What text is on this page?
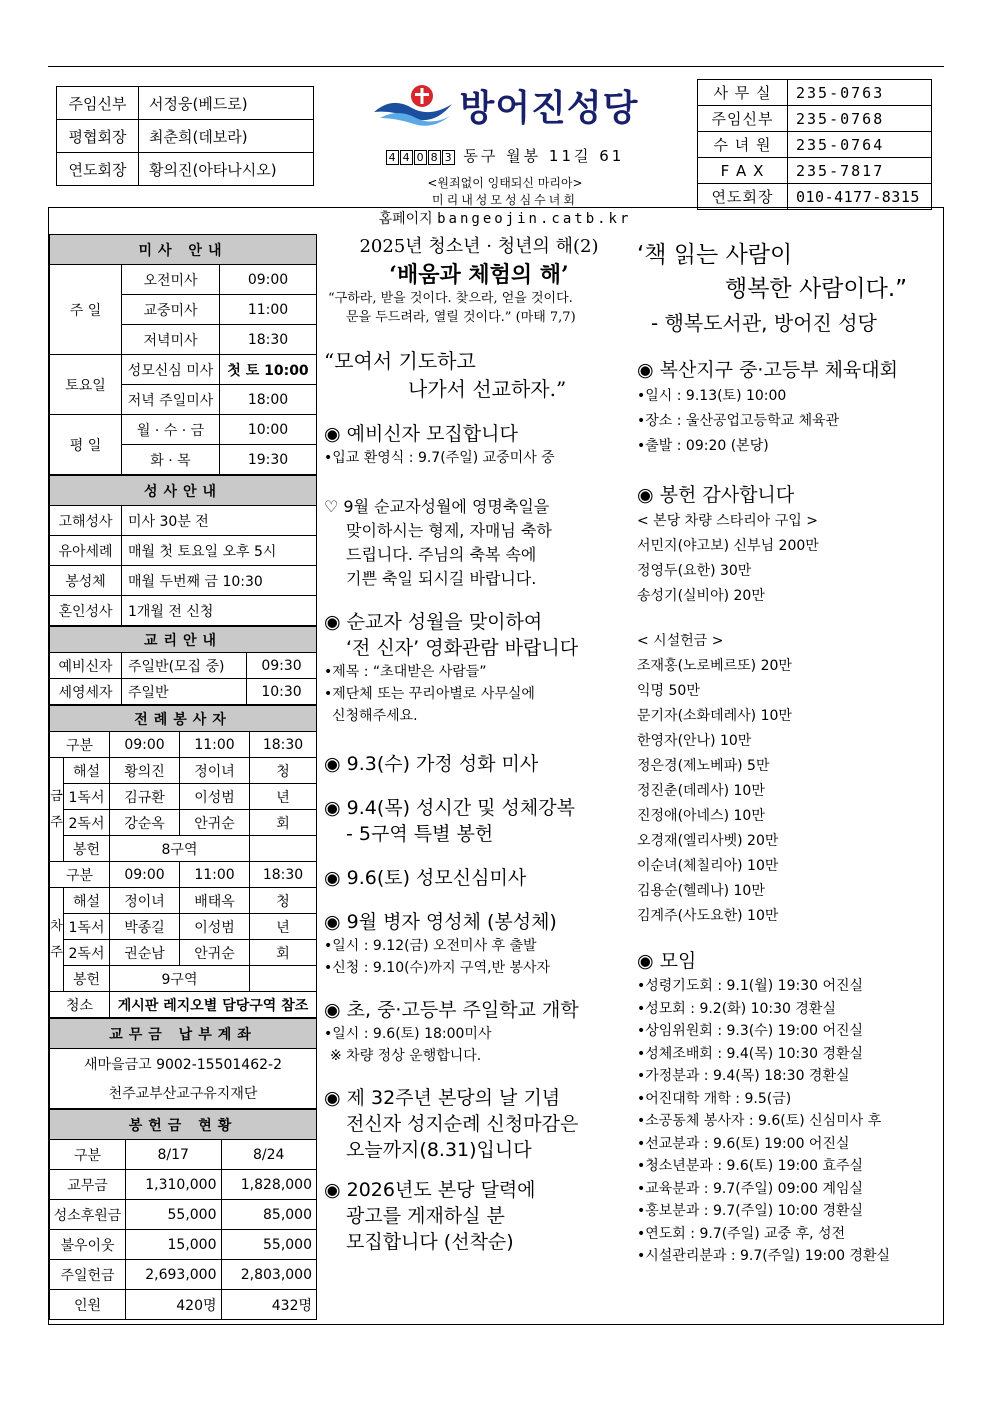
주임신부	서정웅(베드로)
평협회장	최춘희(데보라)
연도회장	황의진(아타나시오)
방어진성당
4 4 0 8 3 동구 월봉 11길 61
<원죄없이 잉태되신 마리아>
미리내성모성심수녀회
홈페이지 bangeojin.catb.kr
사 무 실	235-0763
주임신부	235-0768
수 녀 원	235-0764
F A X	235-7817
연도회장	010-4177-8315
미사 안내		
주 일	오전미사	09:00
	교중미사	11:00
	저녁미사	18:30
토요일	성모신심 미사	첫 토 10:00
	저녁 주일미사	18:00
평 일	월 · 수 · 금	10:00
	화 · 목	19:30
성사안내	
고해성사	미사 30분 전
유아세례	매월 첫 토요일 오후 5시
봉성체	매월 두번째 금 10:30
혼인성사	1개월 전 신청
교리안내		
예비신자	주일반(모집 중)	09:30
세영세자	주일반	10:30
전례봉사자				
구분		09:00	11:00	18:30
금
주	해설	황의진	정이녀	청
	1독서	김규환	이성범	년
	2독서	강순옥	안귀순	회
	봉헌	8구역		
구분		09:00	11:00	18:30
차
주	해설	정이녀	배태옥	청
	1독서	박종길	이성범	년
	2독서	권순남	안귀순	회
	봉헌	9구역		
청소		게시판 레지오별 담당구역 참조		
교무금 납부계좌
새마을금고 9002-15501462-2
천주교부산교구유지재단
봉헌금 현황		
구분	8/17	8/24
교무금	1,310,000	1,828,000
성소후원금	55,000	85,000
불우이웃	15,000	55,000
주일헌금	2,693,000	2,803,000
인원	420명	432명
2025년 청소년 · 청년의 해(2)
‘배움과 체험의 해’
“구하라, 받을 것이다. 찾으라, 얻을 것이다.
문을 두드려라, 열릴 것이다.” (마태 7,7)
“모여서 기도하고
나가서 선교하자.”
◉ 예비신자 모집합니다
•입교 환영식 : 9.7(주일) 교중미사 중
♡ 9월 순교자성월에 영명축일을
맞이하시는 형제, 자매님 축하
드립니다. 주님의 축복 속에
기쁜 축일 되시길 바랍니다.
◉ 순교자 성월을 맞이하여
‘전 신자’ 영화관람 바랍니다
•제목 : “초대받은 사람들”
•제단체 또는 꾸리아별로 사무실에
신청해주세요.
◉ 9.3(수) 가정 성화 미사
◉ 9.4(목) 성시간 및 성체강복
- 5구역 특별 봉헌
◉ 9.6(토) 성모신심미사
◉ 9월 병자 영성체 (봉성체)
•일시 : 9.12(금) 오전미사 후 출발
•신청 : 9.10(수)까지 구역,반 봉사자
◉ 초, 중·고등부 주일학교 개학
•일시 : 9.6(토) 18:00미사
※ 차량 정상 운행합니다.
◉ 제 32주년 본당의 날 기념
전신자 성지순례 신청마감은
오늘까지(8.31)입니다
◉ 2026년도 본당 달력에
광고를 게재하실 분
모집합니다 (선착순)
‘책 읽는 사람이
행복한 사람이다.”
- 행복도서관, 방어진 성당
◉ 복산지구 중·고등부 체육대회
•일시 : 9.13(토) 10:00
•장소 : 울산공업고등학교 체육관
•출발 : 09:20 (본당)
◉ 봉헌 감사합니다
< 본당 차량 스타리아 구입 >
서민지(야고보) 신부님 200만
정영두(요한) 30만
송성기(실비아) 20만
< 시설헌금 >
조재홍(노로베르또) 20만
익명 50만
문기자(소화데레사) 10만
한영자(안나) 10만
정은경(제노베파) 5만
정진춘(데레사) 10만
진정애(아네스) 10만
오경재(엘리사벳) 20만
이순녀(체칠리아) 10만
김용순(헬레나) 10만
김계주(사도요한) 10만
◉ 모임
•성령기도회 : 9.1(월) 19:30 어진실
•성모회 : 9.2(화) 10:30 경환실
•상임위원회 : 9.3(수) 19:00 어진실
•성체조배회 : 9.4(목) 10:30 경환실
•가정분과 : 9.4(목) 18:30 경환실
•어진대학 개학 : 9.5(금)
•소공동체 봉사자 : 9.6(토) 신심미사 후
•선교분과 : 9.6(토) 19:00 어진실
•청소년분과 : 9.6(토) 19:00 효주실
•교육분과 : 9.7(주일) 09:00 계임실
•홍보분과 : 9.7(주일) 10:00 경환실
•연도회 : 9.7(주일) 교중 후, 성전
•시설관리분과 : 9.7(주일) 19:00 경환실
